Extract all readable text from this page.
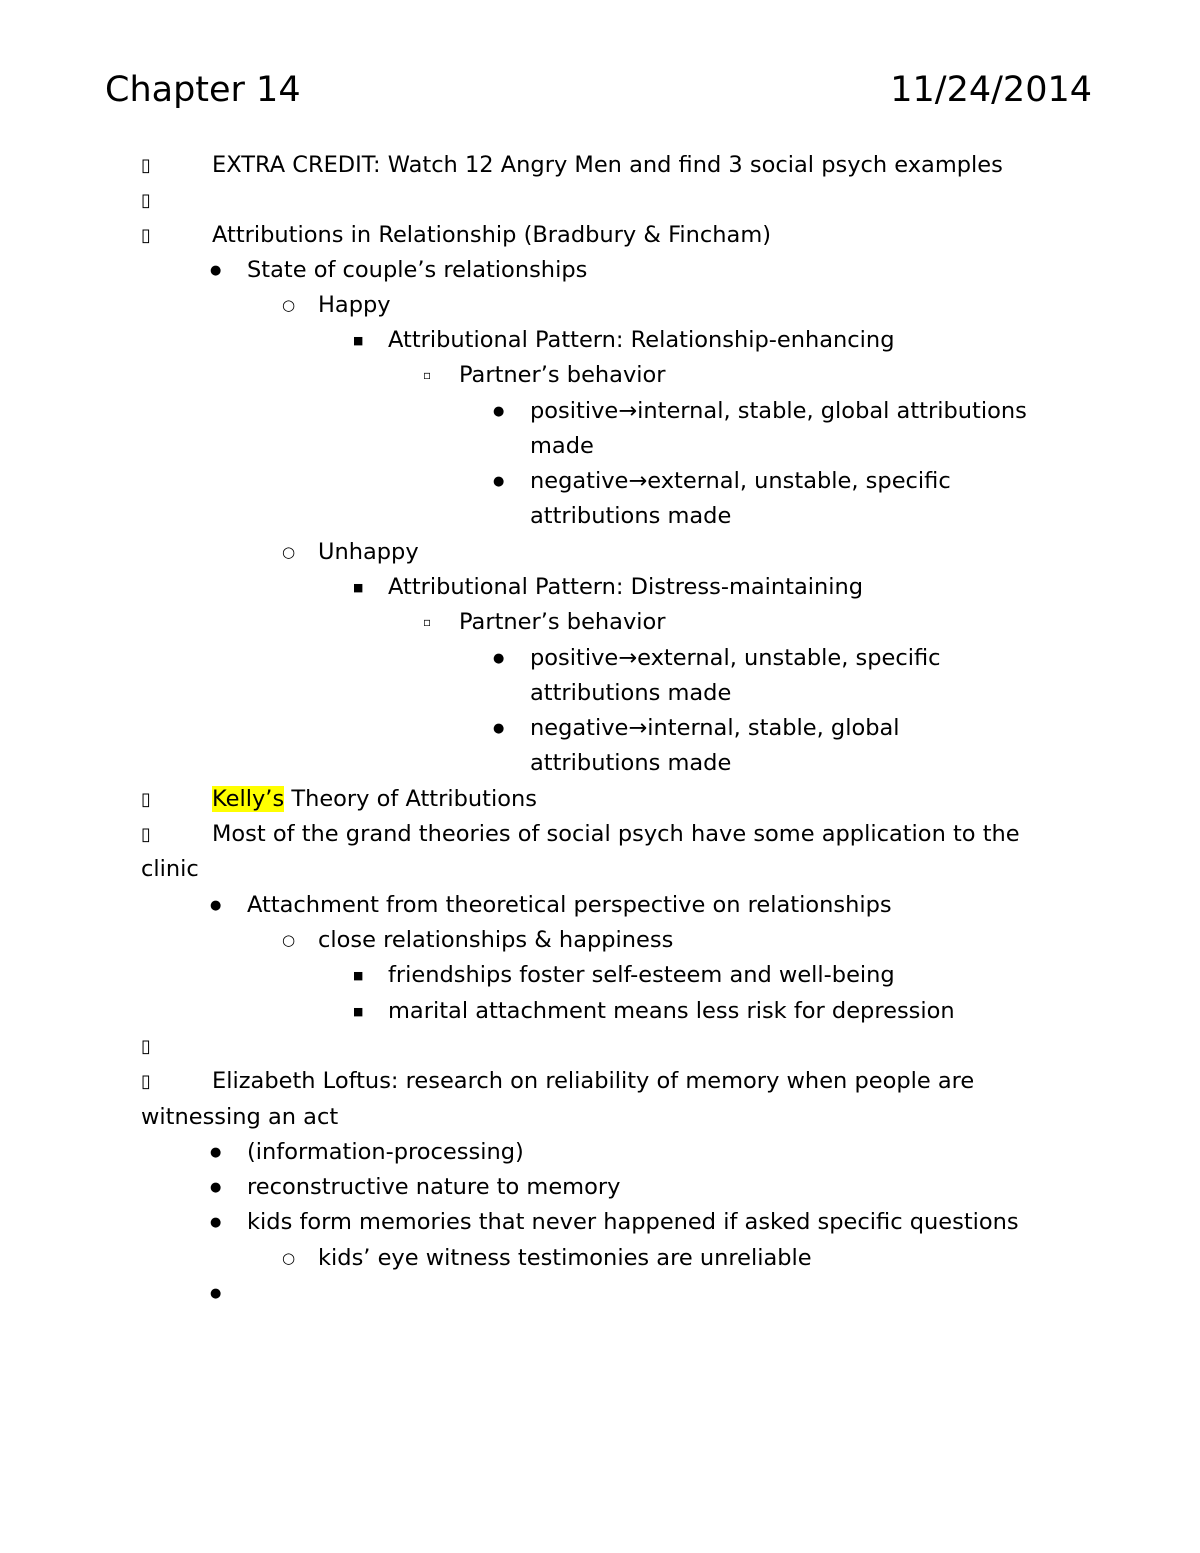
Chapter 14	11/24/2014
▯	EXTRA CREDIT: Watch 12 Angry Men and find 3 social psych examples
▯
▯	Attributions in Relationship (Bradbury & Fincham)
● State of couple’s relationships
○ Happy
■ Attributional Pattern: Relationship-enhancing
▫ Partner’s behavior
● positive→internal, stable, global attributions
made
● negative→external, unstable, specific
attributions made
○ Unhappy
■ Attributional Pattern: Distress-maintaining
▫ Partner’s behavior
● positive→external, unstable, specific
attributions made
● negative→internal, stable, global
attributions made
▯	Kelly’s Theory of Attributions
▯	Most of the grand theories of social psych have some application to the
clinic
● Attachment from theoretical perspective on relationships
○ close relationships & happiness
■ friendships foster self-esteem and well-being
■ marital attachment means less risk for depression
▯
▯	Elizabeth Loftus: research on reliability of memory when people are
witnessing an act
● (information-processing)
● reconstructive nature to memory
● kids form memories that never happened if asked specific questions
○ kids’ eye witness testimonies are unreliable
●
